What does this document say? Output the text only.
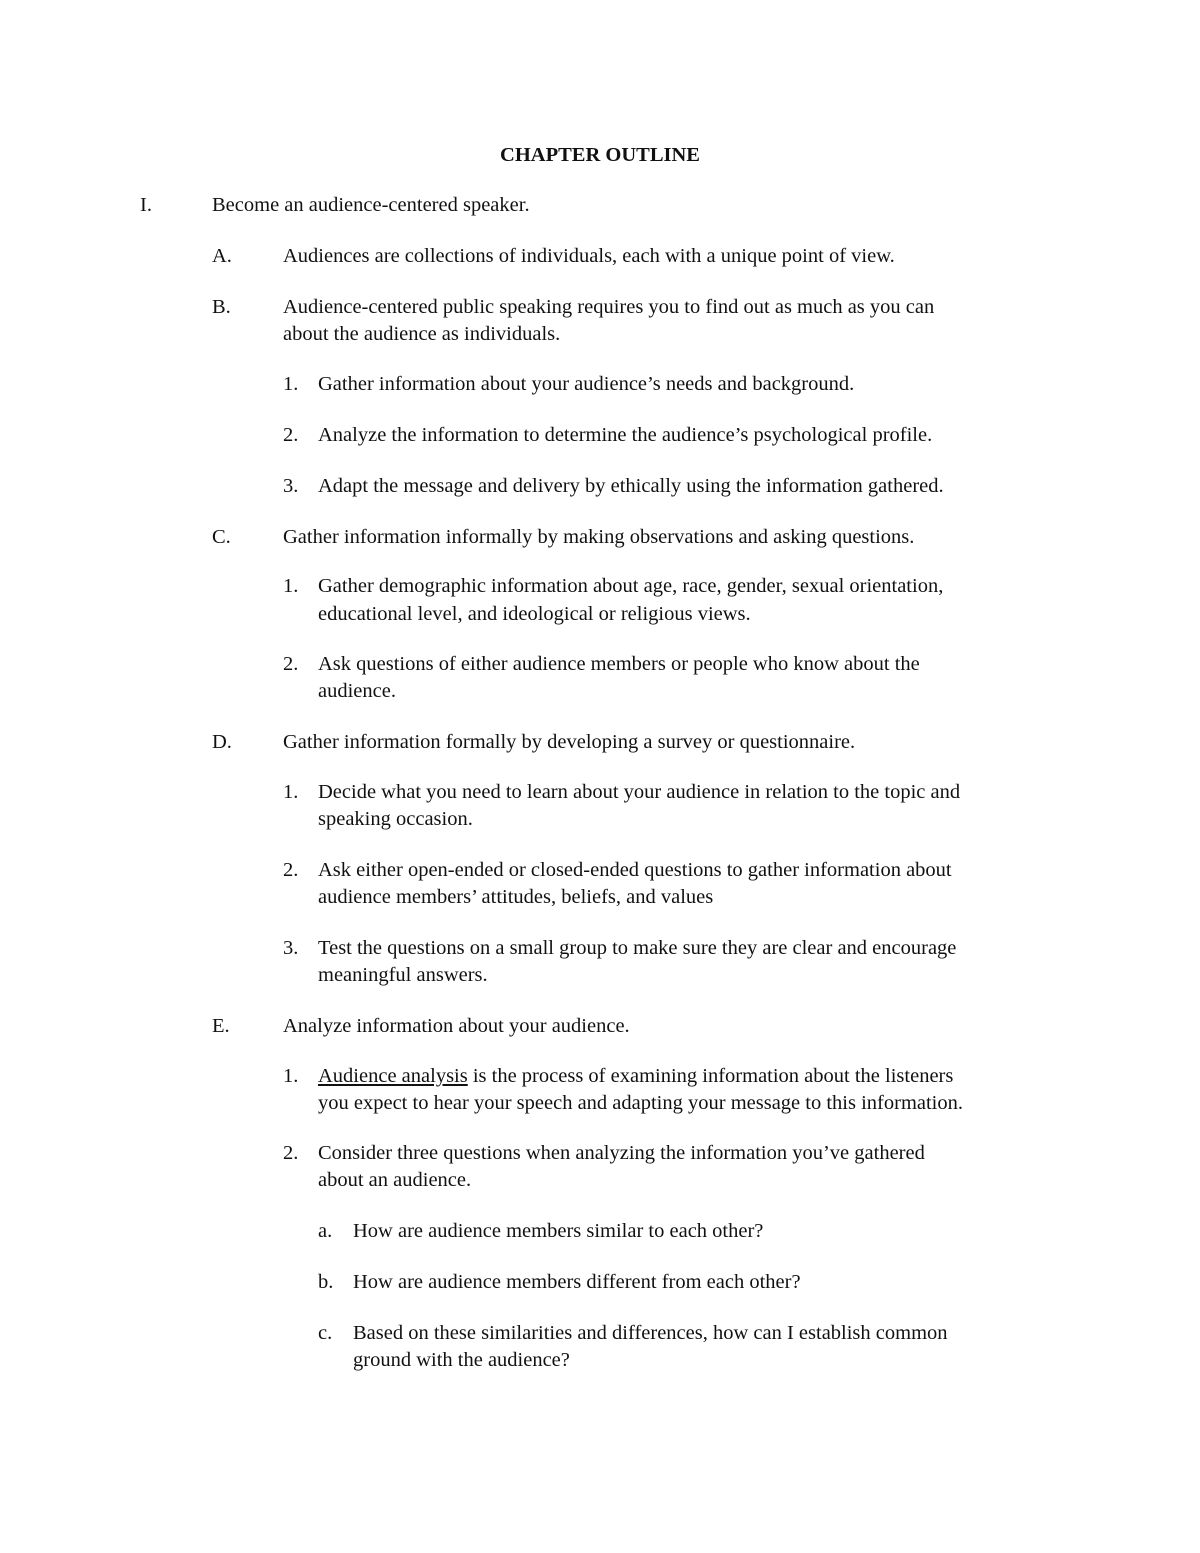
CHAPTER OUTLINE
I.	Become an audience-centered speaker.
A. Audiences are collections of individuals, each with a unique point of view.
B.	Audience-centered public speaking requires you to find out as much as you can
about the audience as individuals.
1. Gather information about your audience’s needs and background.
2. Analyze the information to determine the audience’s psychological profile.
3. Adapt the message and delivery by ethically using the information gathered.
C.	Gather information informally by making observations and asking questions.
1. Gather demographic information about age, race, gender, sexual orientation,
educational level, and ideological or religious views.
2. Ask questions of either audience members or people who know about the
audience.
D. Gather information formally by developing a survey or questionnaire.
1. Decide what you need to learn about your audience in relation to the topic and
speaking occasion.
2. Ask either open-ended or closed-ended questions to gather information about
audience members’ attitudes, beliefs, and values
3. Test the questions on a small group to make sure they are clear and encourage
meaningful answers.
E.	Analyze information about your audience.
1. Audience analysis is the process of examining information about the listeners
you expect to hear your speech and adapting your message to this information.
2. Consider three questions when analyzing the information you’ve gathered
about an audience.
a. How are audience members similar to each other?
b. How are audience members different from each other?
c. Based on these similarities and differences, how can I establish common
ground with the audience?
